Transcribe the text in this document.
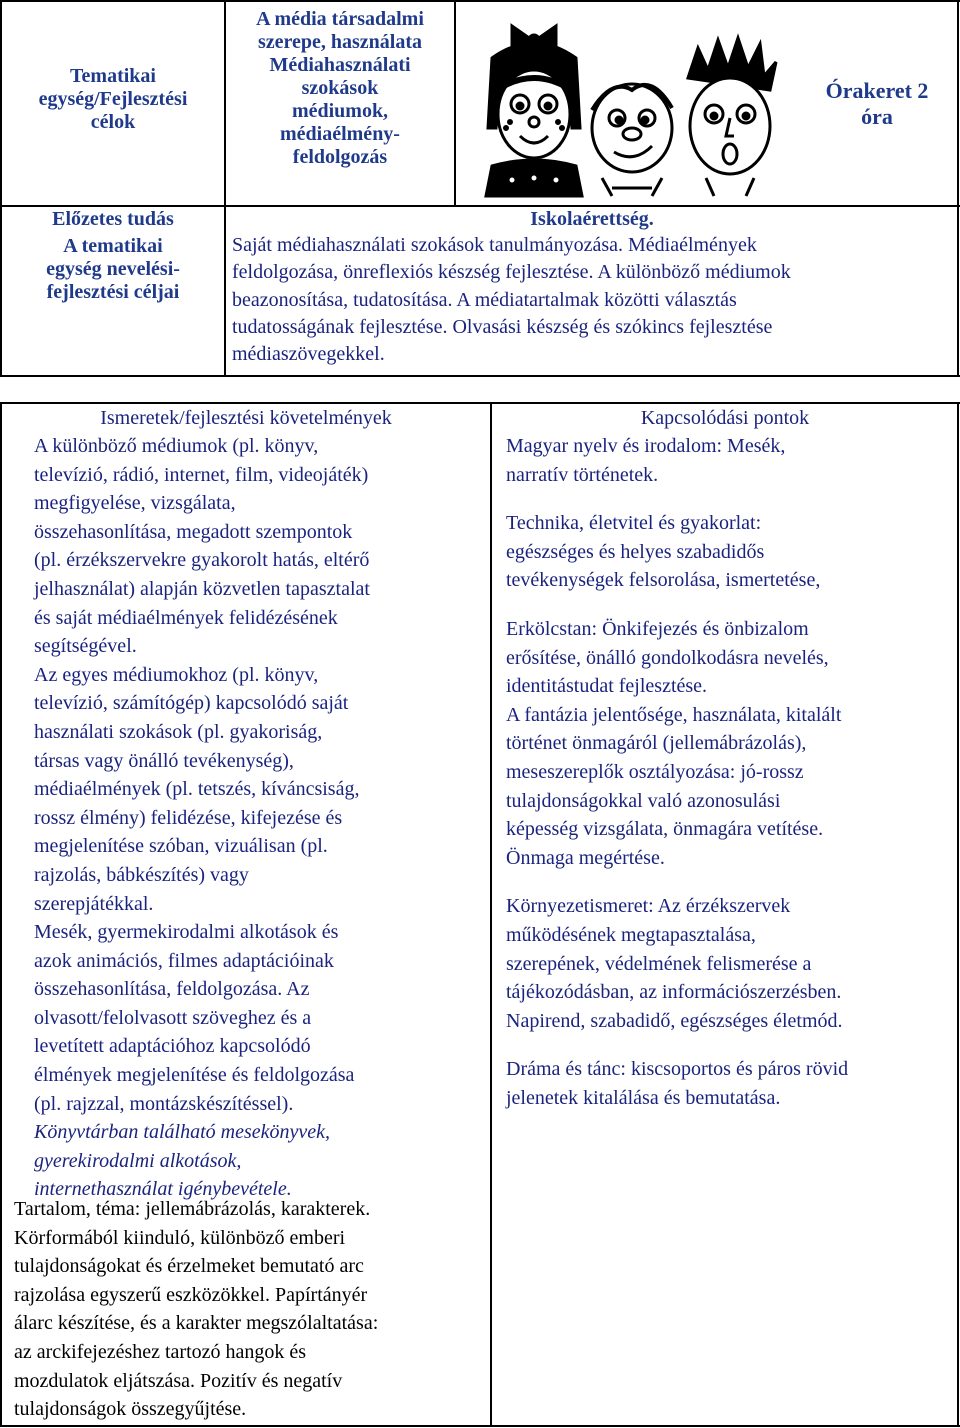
Tematikai
egység/Fejlesztési
célok
A média társadalmi
szerepe, használata
Médiahasználati
szokások
médiumok,
médiaélmény-
feldolgozás
Órakeret 2
óra
Előzetes tudás	Iskolaérettség.
A tematikai
egység nevelési-
fejlesztési céljai
Saját médiahasználati szokások tanulmányozása. Médiaélmények
feldolgozása, önreflexiós készség fejlesztése. A különböző médiumok
beazonosítása, tudatosítása. A médiatartalmak közötti választás
tudatosságának fejlesztése. Olvasási készség és szókincs fejlesztése
médiaszövegekkel.
Ismeretek/fejlesztési követelmények	Kapcsolódási pontok
A különböző médiumok (pl. könyv,
televízió, rádió, internet, film, videojáték)
megfigyelése, vizsgálata,
összehasonlítása, megadott szempontok
(pl. érzékszervekre gyakorolt hatás, eltérő
jelhasználat) alapján közvetlen tapasztalat
és saját médiaélmények felidézésének
segítségével.
Az egyes médiumokhoz (pl. könyv,
televízió, számítógép) kapcsolódó saját
használati szokások (pl. gyakoriság,
társas vagy önálló tevékenység),
médiaélmények (pl. tetszés, kíváncsiság,
rossz élmény) felidézése, kifejezése és
megjelenítése szóban, vizuálisan (pl.
rajzolás, bábkészítés) vagy
szerepjátékkal.
Mesék, gyermekirodalmi alkotások és
azok animációs, filmes adaptációinak
összehasonlítása, feldolgozása. Az
olvasott/felolvasott szöveghez és a
levetített adaptációhoz kapcsolódó
élmények megjelenítése és feldolgozása
(pl. rajzzal, montázskészítéssel).
Könyvtárban található mesekönyvek,
gyerekirodalmi alkotások,
internethasználat igénybevétele.
Tartalom, téma: jellemábrázolás, karakterek.
Körformából kiinduló, különböző emberi
tulajdonságokat és érzelmeket bemutató arc
rajzolása egyszerű eszközökkel. Papírtányér
álarc készítése, és a karakter megszólaltatása:
az arckifejezéshez tartozó hangok és
mozdulatok eljátszása. Pozitív és negatív
tulajdonságok összegyűjtése.
Magyar nyelv és irodalom: Mesék,
narratív történetek.
Technika, életvitel és gyakorlat:
egészséges és helyes szabadidős
tevékenységek felsorolása, ismertetése,
Erkölcstan: Önkifejezés és önbizalom
erősítése, önálló gondolkodásra nevelés,
identitástudat fejlesztése.
A fantázia jelentősége, használata, kitalált
történet önmagáról (jellemábrázolás),
meseszereplők osztályozása: jó-rossz
tulajdonságokkal való azonosulási
képesség vizsgálata, önmagára vetítése.
Önmaga megértése.
Környezetismeret: Az érzékszervek
működésének megtapasztalása,
szerepének, védelmének felismerése a
tájékozódásban, az információszerzésben.
Napirend, szabadidő, egészséges életmód.
Dráma és tánc: kiscsoportos és páros rövid
jelenetek kitalálása és bemutatása.
